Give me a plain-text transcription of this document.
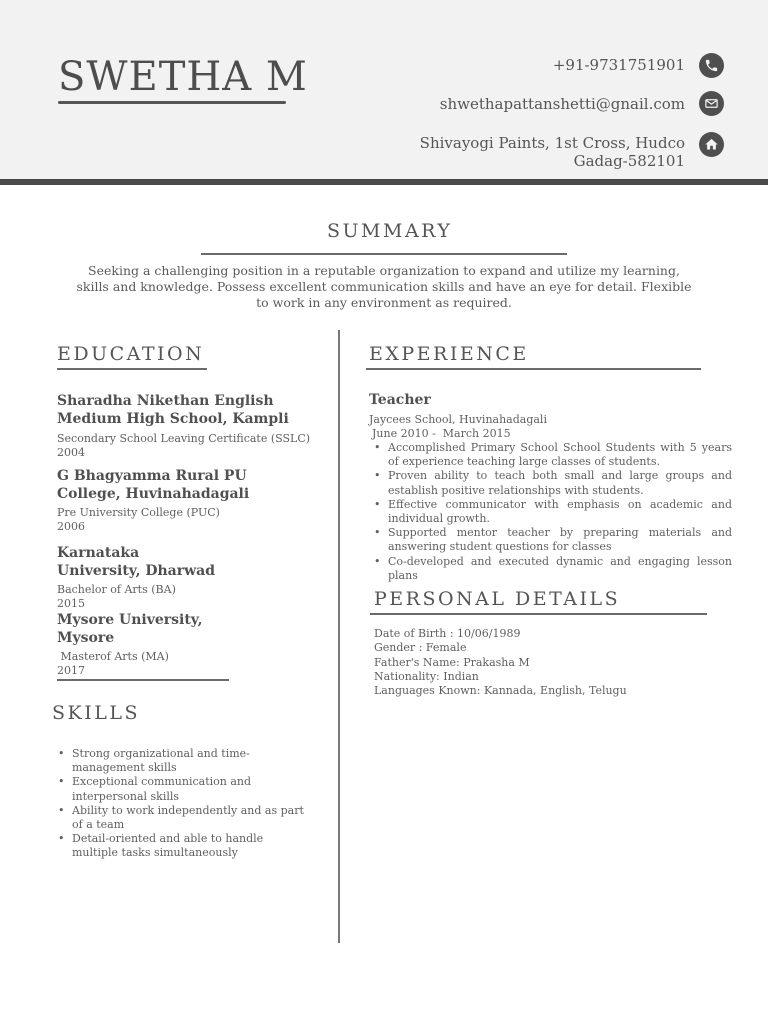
SWETHA M	+91-9731751901
shwethapattanshetti@gnail.com
Shivayogi Paints, 1st Cross, Hudco
Gadag-582101
SUMMARY
Seeking a challenging position in a reputable organization to expand and utilize my learning, skills and knowledge. Possess excellent communication skills and have an eye for detail. Flexible to work in any environment as required.
EDUCATION
Sharadha Nikethan English Medium High School, Kampli
Secondary School Leaving Certificate (SSLC)
2004
G Bhagyamma Rural PU College, Huvinahadagali
Pre University College (PUC)
2006
Karnataka University, Dharwad
Bachelor of Arts (BA)
2015
Mysore University, Mysore
Masterof Arts (MA)
2017
SKILLS
• Strong organizational and time-management skills
• Exceptional communication and interpersonal skills
• Ability to work independently and as part of a team
• Detail-oriented and able to handle multiple tasks simultaneously
EXPERIENCE
Teacher
Jaycees School, Huvinahadagali
June 2010 -  March 2015
• Accomplished Primary School School Students with 5 years of experience teaching large classes of students.
• Proven ability to teach both small and large groups and establish positive relationships with students.
• Effective communicator with emphasis on academic and individual growth.
• Supported mentor teacher by preparing materials and answering student questions for classes
• Co-developed and executed dynamic and engaging lesson plans
PERSONAL DETAILS
Date of Birth : 10/06/1989
Gender : Female
Father's Name: Prakasha M
Nationality: Indian
Languages Known: Kannada, English, Telugu
